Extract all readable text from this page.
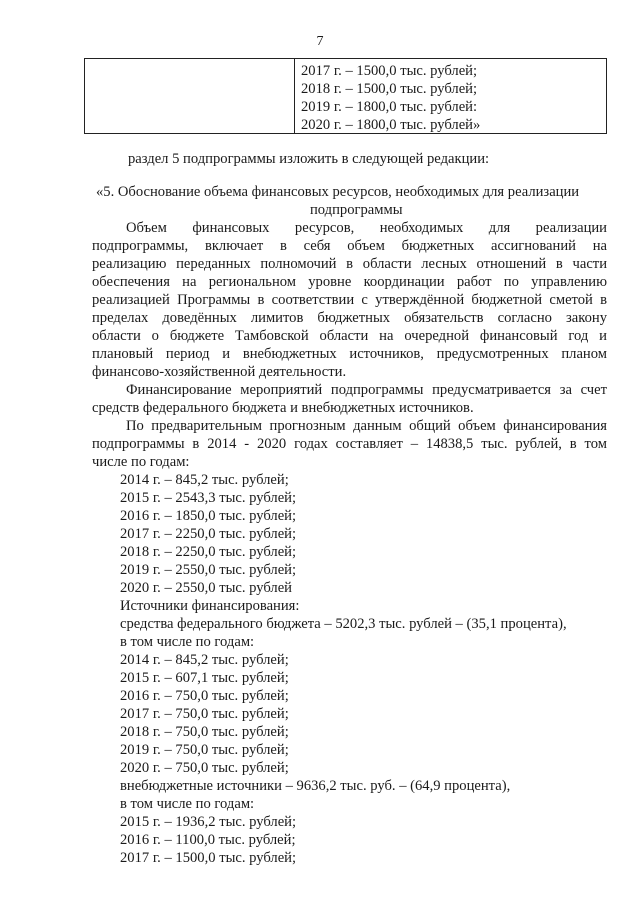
7
2017 г. – 1500,0 тыс. рублей;
2018 г. – 1500,0 тыс. рублей;
2019 г. – 1800,0 тыс. рублей:
2020 г. – 1800,0 тыс. рублей»
раздел 5 подпрограммы изложить в следующей редакции:
«5. Обоснование объема финансовых ресурсов, необходимых для реализации
подпрограммы
Объем финансовых ресурсов, необходимых для реализации
подпрограммы, включает в себя объем бюджетных ассигнований на
реализацию переданных полномочий в области лесных отношений в части
обеспечения на региональном уровне координации работ по управлению
реализацией Программы в соответствии с утверждённой бюджетной сметой в
пределах доведённых лимитов бюджетных обязательств согласно закону
области о бюджете Тамбовской области на очередной финансовый год и
плановый период и внебюджетных источников, предусмотренных планом
финансово-хозяйственной деятельности.
Финансирование мероприятий подпрограммы предусматривается за счет
средств федерального бюджета и внебюджетных источников.
По предварительным прогнозным данным общий объем финансирования
подпрограммы в 2014 - 2020 годах составляет – 14838,5 тыс. рублей, в том
числе по годам:
2014 г. – 845,2 тыс. рублей;
2015 г. – 2543,3 тыс. рублей;
2016 г. – 1850,0 тыс. рублей;
2017 г. – 2250,0 тыс. рублей;
2018 г. – 2250,0 тыс. рублей;
2019 г. – 2550,0 тыс. рублей;
2020 г. – 2550,0 тыс. рублей
Источники финансирования:
средства федерального бюджета – 5202,3 тыс. рублей – (35,1 процента),
в том числе по годам:
2014 г. – 845,2 тыс. рублей;
2015 г. – 607,1 тыс. рублей;
2016 г. – 750,0 тыс. рублей;
2017 г. – 750,0 тыс. рублей;
2018 г. – 750,0 тыс. рублей;
2019 г. – 750,0 тыс. рублей;
2020 г. – 750,0 тыс. рублей;
внебюджетные источники – 9636,2 тыс. руб. – (64,9 процента),
в том числе по годам:
2015 г. – 1936,2 тыс. рублей;
2016 г. – 1100,0 тыс. рублей;
2017 г. – 1500,0 тыс. рублей;
